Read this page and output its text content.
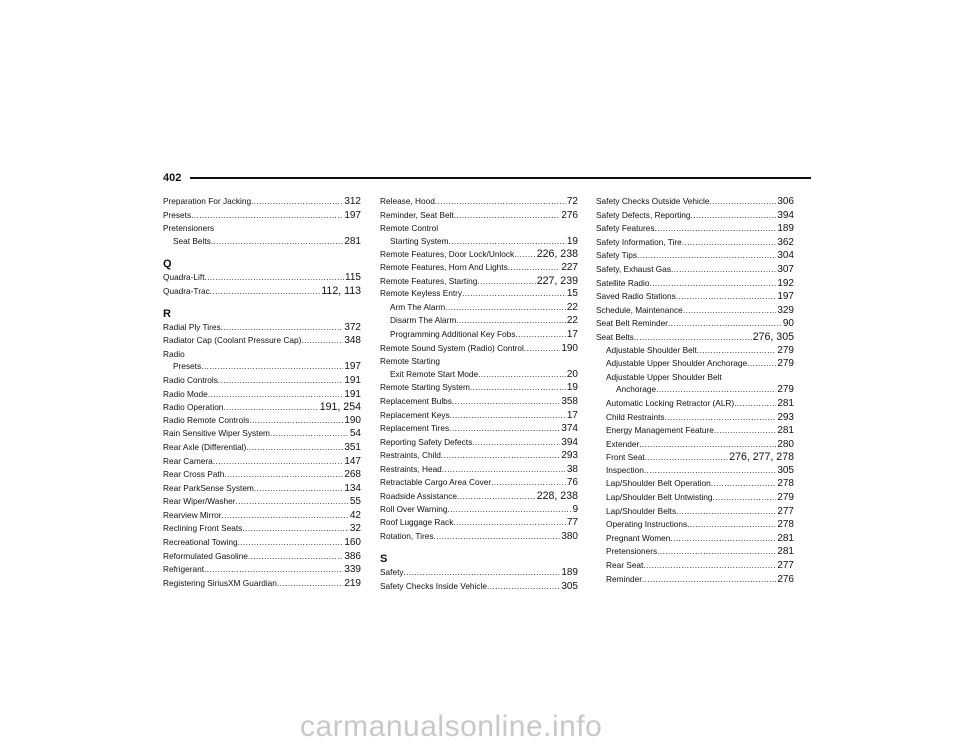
402
Preparation For Jacking .....	312
Presets .....	197
Pretensioners
Seat Belts .....	281
Q
Quadra-Lift .....	115
Quadra-Trac .....	112, 113
R
Radial Ply Tires .....	372
Radiator Cap (Coolant Pressure Cap) .....	348
Radio
Presets .....	197
Radio Controls .....	191
Radio Mode .....	191
Radio Operation .....	191, 254
Radio Remote Controls .....	190
Rain Sensitive Wiper System .....	54
Rear Axle (Differential) .....	351
Rear Camera .....	147
Rear Cross Path .....	268
Rear ParkSense System .....	134
Rear Wiper/Washer .....	55
Rearview Mirror .....	42
Reclining Front Seats .....	32
Recreational Towing .....	160
Reformulated Gasoline .....	386
Refrigerant .....	339
Registering SiriusXM Guardian .....	219
Release, Hood .....	72
Reminder, Seat Belt .....	276
Remote Control
Starting System .....	19
Remote Features, Door Lock/Unlock ..... 226, 238
Remote Features, Horn And Lights .....	227
Remote Features, Starting .....	227, 239
Remote Keyless Entry .....	15
Arm The Alarm .....	22
Disarm The Alarm .....	22
Programming Additional Key Fobs .....	17
Remote Sound System (Radio) Control .....	190
Remote Starting
Exit Remote Start Mode .....	20
Remote Starting System .....	19
Replacement Bulbs .....	358
Replacement Keys .....	17
Replacement Tires .....	374
Reporting Safety Defects .....	394
Restraints, Child .....	293
Restraints, Head .....	38
Retractable Cargo Area Cover .....	76
Roadside Assistance .....	228, 238
Roll Over Warning .....	9
Roof Luggage Rack .....	77
Rotation, Tires .....	380
S
Safety .....	189
Safety Checks Inside Vehicle .....	305
Safety Checks Outside Vehicle .....	306
Safety Defects, Reporting .....	394
Safety Features .....	189
Safety Information, Tire .....	362
Safety Tips .....	304
Safety, Exhaust Gas .....	307
Satellite Radio .....	192
Saved Radio Stations .....	197
Schedule, Maintenance .....	329
Seat Belt Reminder .....	90
Seat Belts .....	276, 305
Adjustable Shoulder Belt .....	279
Adjustable Upper Shoulder Anchorage .....	279
Adjustable Upper Shoulder Belt
Anchorage .....	279
Automatic Locking Retractor (ALR) .....	281
Child Restraints .....	293
Energy Management Feature .....	281
Extender .....	280
Front Seat .....	276, 277, 278
Inspection .....	305
Lap/Shoulder Belt Operation .....	278
Lap/Shoulder Belt Untwisting .....	279
Lap/Shoulder Belts .....	277
Operating Instructions .....	278
Pregnant Women .....	281
Pretensioners .....	281
Rear Seat .....	277
Reminder .....	276
carmanualsonline.info
